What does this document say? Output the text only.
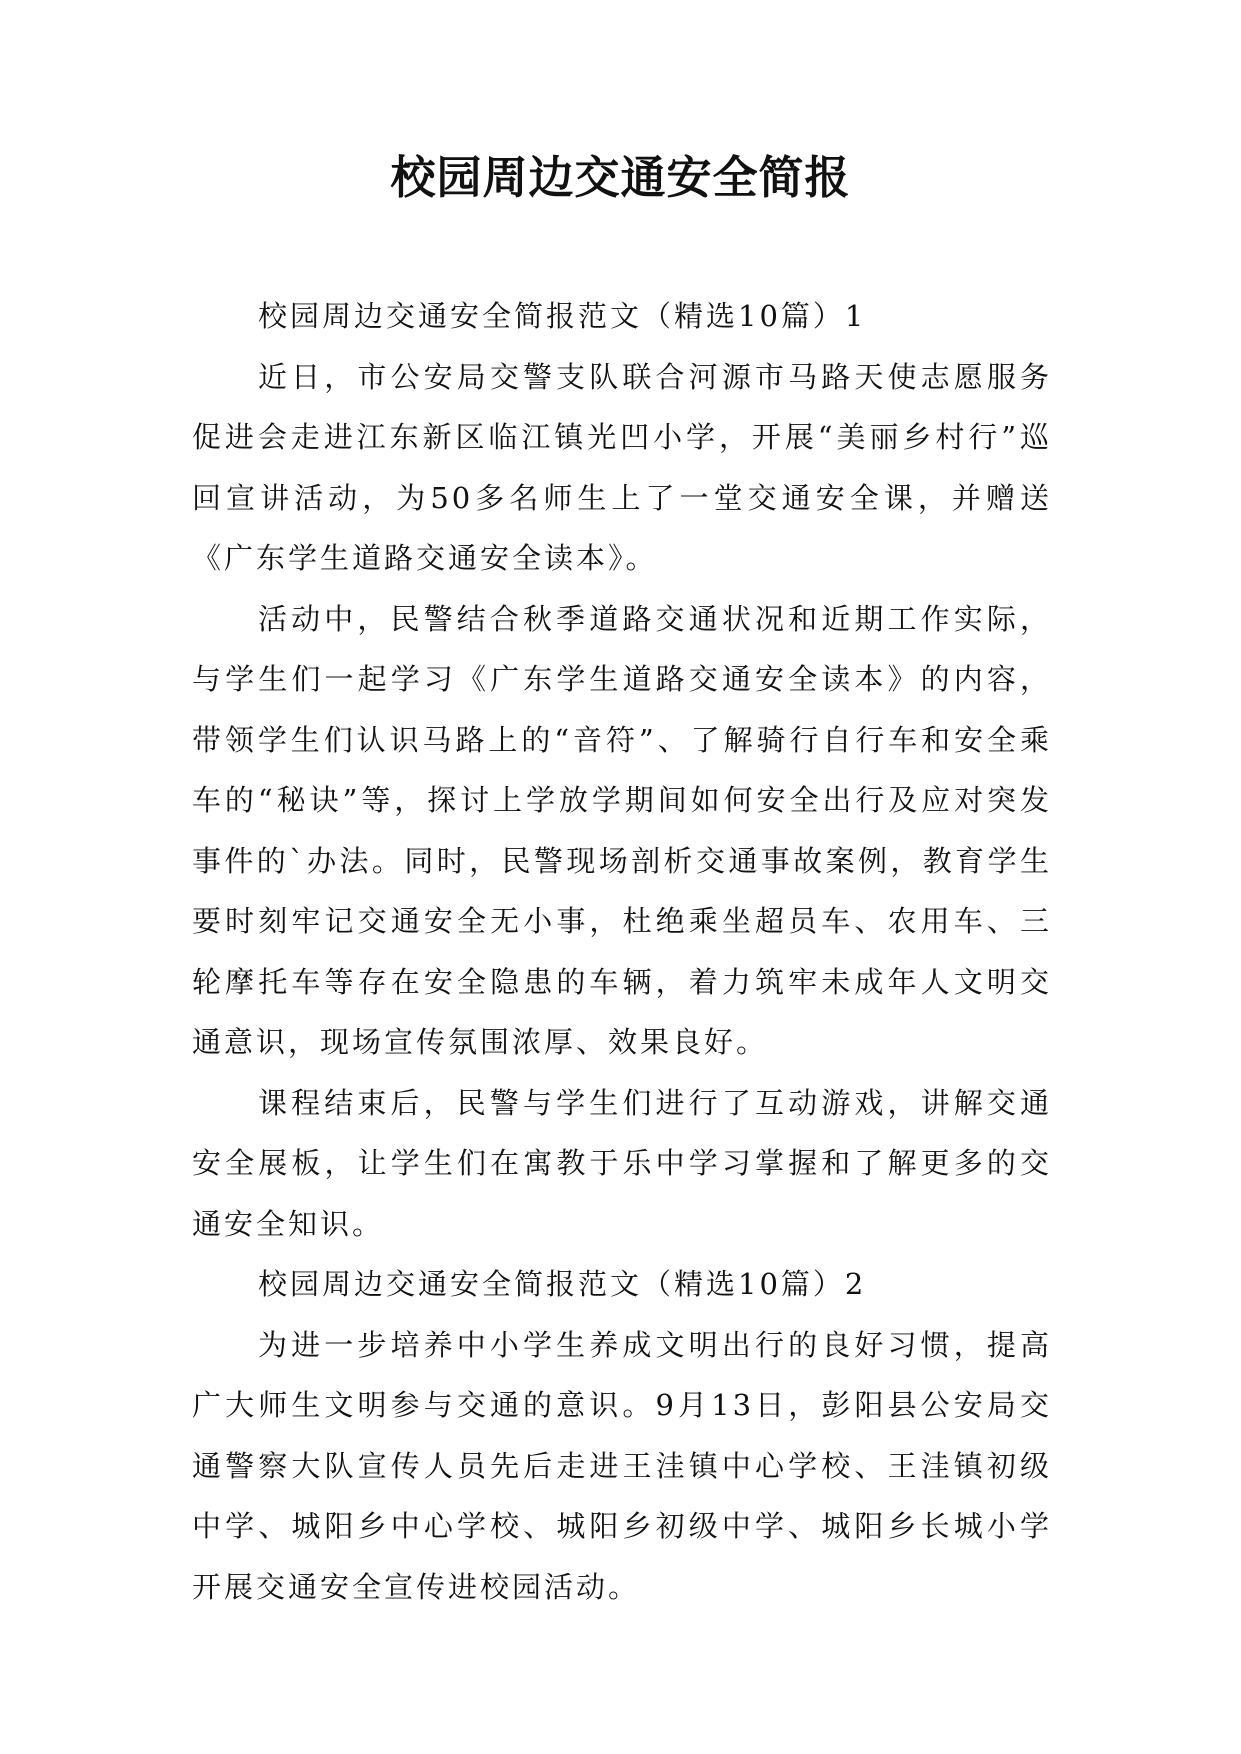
校园周边交通安全简报

校园周边交通安全简报范文（精选10篇）1

近日，市公安局交警支队联合河源市马路天使志愿服务促进会走进江东新区临江镇光凹小学，开展“美丽乡村行”巡回宣讲活动，为50多名师生上了一堂交通安全课，并赠送《广东学生道路交通安全读本》。

活动中，民警结合秋季道路交通状况和近期工作实际，与学生们一起学习《广东学生道路交通安全读本》的内容，带领学生们认识马路上的“音符”、了解骑行自行车和安全乘车的“秘诀”等，探讨上学放学期间如何安全出行及应对突发事件的`办法。同时，民警现场剖析交通事故案例，教育学生要时刻牢记交通安全无小事，杜绝乘坐超员车、农用车、三轮摩托车等存在安全隐患的车辆，着力筑牢未成年人文明交通意识，现场宣传氛围浓厚、效果良好。

课程结束后，民警与学生们进行了互动游戏，讲解交通安全展板，让学生们在寓教于乐中学习掌握和了解更多的交通安全知识。

校园周边交通安全简报范文（精选10篇）2

为进一步培养中小学生养成文明出行的良好习惯，提高广大师生文明参与交通的意识。9月13日，彭阳县公安局交通警察大队宣传人员先后走进王洼镇中心学校、王洼镇初级中学、城阳乡中心学校、城阳乡初级中学、城阳乡长城小学开展交通安全宣传进校园活动。
